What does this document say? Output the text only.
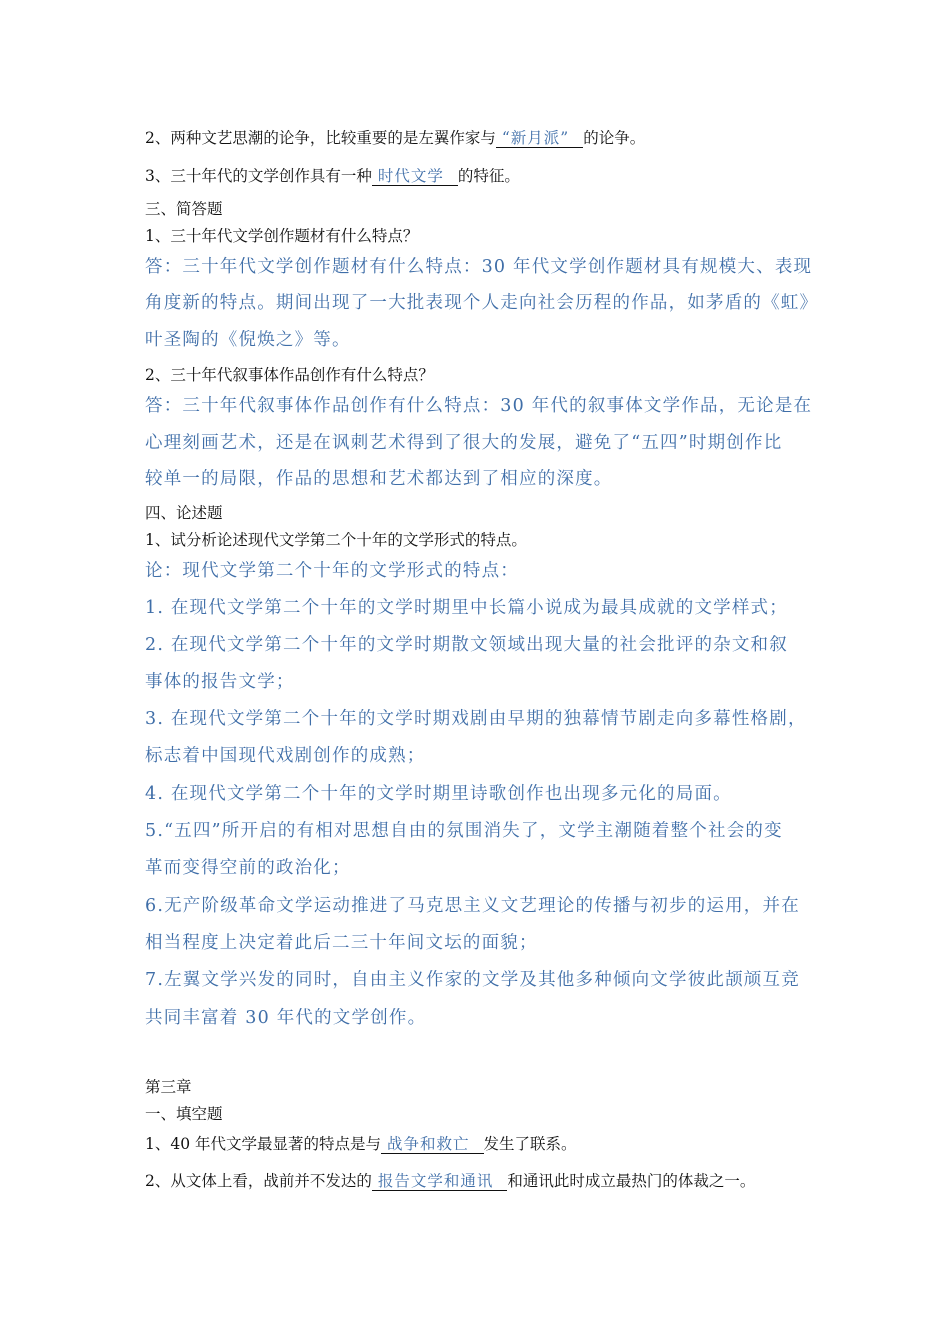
2、两种文艺思潮的论争，比较重要的是左翼作家与 “新月派” 的论争。
3、三十年代的文学创作具有一种 时代文学 的特征。
三、简答题
1、三十年代文学创作题材有什么特点？
答：三十年代文学创作题材有什么特点：30 年代文学创作题材具有规模大、表现
角度新的特点。期间出现了一大批表现个人走向社会历程的作品，如茅盾的《虹》
叶圣陶的《倪焕之》等。
2、三十年代叙事体作品创作有什么特点？
答：三十年代叙事体作品创作有什么特点：30 年代的叙事体文学作品，无论是在
心理刻画艺术，还是在讽刺艺术得到了很大的发展，避免了“五四”时期创作比
较单一的局限，作品的思想和艺术都达到了相应的深度。
四、论述题
1、试分析论述现代文学第二个十年的文学形式的特点。
论：现代文学第二个十年的文学形式的特点：
1. 在现代文学第二个十年的文学时期里中长篇小说成为最具成就的文学样式；
2. 在现代文学第二个十年的文学时期散文领域出现大量的社会批评的杂文和叙
事体的报告文学；
3. 在现代文学第二个十年的文学时期戏剧由早期的独幕情节剧走向多幕性格剧，
标志着中国现代戏剧创作的成熟；
4. 在现代文学第二个十年的文学时期里诗歌创作也出现多元化的局面。
5.“五四”所开启的有相对思想自由的氛围消失了，文学主潮随着整个社会的变
革而变得空前的政治化；
6.无产阶级革命文学运动推进了马克思主义文艺理论的传播与初步的运用，并在
相当程度上决定着此后二三十年间文坛的面貌；
7.左翼文学兴发的同时，自由主义作家的文学及其他多种倾向文学彼此颉颃互竞
共同丰富着 30 年代的文学创作。
第三章
一、填空题
1、40 年代文学最显著的特点是与 战争和救亡 发生了联系。
2、从文体上看，战前并不发达的 报告文学和通讯 和通讯此时成立最热门的体裁之一。
